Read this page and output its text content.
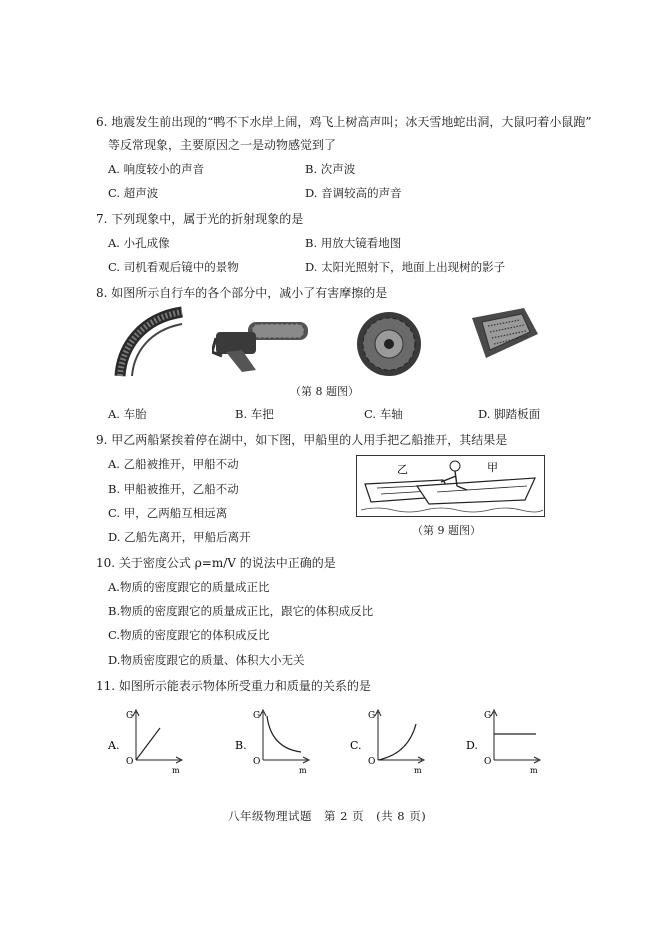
6. 地震发生前出现的“鸭不下水岸上闹，鸡飞上树高声叫；冰天雪地蛇出洞，大鼠叼着小鼠跑”
等反常现象，主要原因之一是动物感觉到了
A. 响度较小的声音	B. 次声波
C. 超声波	D. 音调较高的声音
7. 下列现象中，属于光的折射现象的是
A. 小孔成像	B. 用放大镜看地图
C. 司机看观后镜中的景物	D. 太阳光照射下，地面上出现树的影子
8. 如图所示自行车的各个部分中，减小了有害摩擦的是
（第 8 题图）
A. 车胎	B. 车把	C. 车轴	D. 脚踏板面
9. 甲乙两船紧挨着停在湖中，如下图，甲船里的人用手把乙船推开，其结果是
A. 乙船被推开，甲船不动
B. 甲船被推开，乙船不动
C. 甲，乙两船互相远离
D. 乙船先离开，甲船后离开
乙	甲
（第 9 题图）
10. 关于密度公式 ρ=m/V 的说法中正确的是
A.物质的密度跟它的质量成正比
B.物质的密度跟它的质量成正比，跟它的体积成反比
C.物质的密度跟它的体积成反比
D.物质密度跟它的质量、体积大小无关
11. 如图所示能表示物体所受重力和质量的关系的是
A.
G
O
m
B.
G
O
m
C.
G
O
m
D.
G
O
m
八年级物理试题　第 2 页　(共 8 页)
